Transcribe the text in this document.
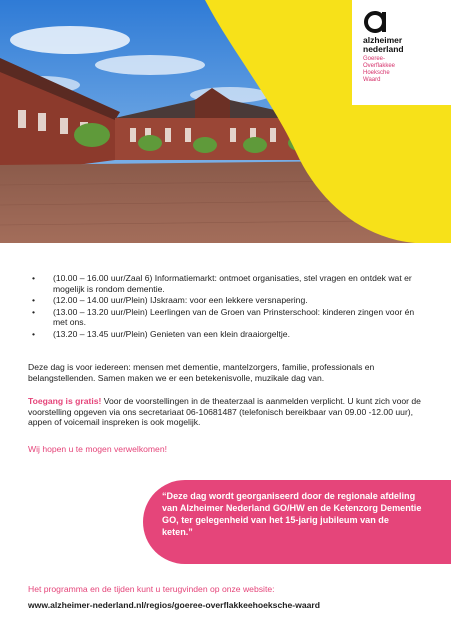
alzheimer
nederland
Goeree-
Overflakkee
Hoeksche
Waard
• (10.00 – 16.00 uur/Zaal 6) Informatiemarkt: ontmoet organisaties, stel vragen en ontdek wat er mogelijk is rondom dementie.
• (12.00 – 14.00 uur/Plein) IJskraam: voor een lekkere versnapering.
• (13.00 – 13.20 uur/Plein) Leerlingen van de Groen van Prinsterschool: kinderen zingen voor én met ons.
• (13.20 – 13.45 uur/Plein) Genieten van een klein draaiorgeltje.

Deze dag is voor iedereen: mensen met dementie, mantelzorgers, familie, professionals en belangstellenden. Samen maken we er een betekenisvolle, muzikale dag van.

Toegang is gratis! Voor de voorstellingen in de theaterzaal is aanmelden verplicht. U kunt zich voor de voorstelling opgeven via ons secretariaat 06-10681487 (telefonisch bereikbaar van 09.00 -12.00 uur), appen of voicemail inspreken is ook mogelijk.

Wij hopen u te mogen verwelkomen!

“Deze dag wordt georganiseerd door de regionale afdeling van Alzheimer Nederland GO/HW en de Ketenzorg Dementie GO, ter gelegenheid van het 15-jarig jubileum van de keten.”

Het programma en de tijden kunt u terugvinden op onze website:

www.alzheimer-nederland.nl/regios/goeree-overflakkeehoeksche-waard
